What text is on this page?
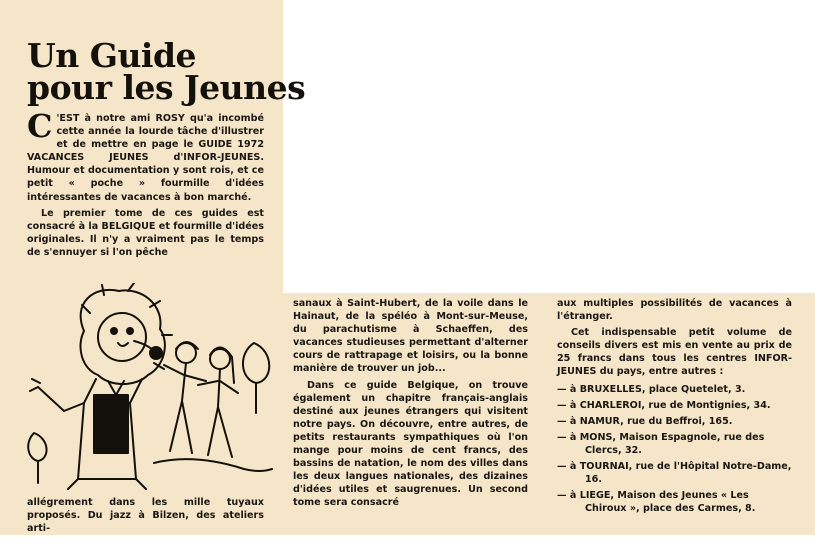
Un Guide
pour les Jeunes

C 'EST à notre ami ROSY qu'a incombé cette année la lourde tâche d'illustrer et de mettre en page le GUIDE 1972 VACANCES JEUNES d'INFOR-JEUNES. Humour et documentation y sont rois, et ce petit « poche » fourmille d'idées intéressantes de vacances à bon marché.

Le premier tome de ces guides est consacré à la BELGIQUE et fourmille d'idées originales. Il n'y a vraiment pas le temps de s'ennuyer si l'on pêche

allégrement dans les mille tuyaux proposés. Du jazz à Bilzen, des ateliers arti-

sanaux à Saint-Hubert, de la voile dans le Hainaut, de la spéléo à Mont-sur-Meuse, du parachutisme à Schaeffen, des vacances studieuses permettant d'alterner cours de rattrapage et loisirs, ou la bonne manière de trouver un job...

Dans ce guide Belgique, on trouve également un chapitre français-anglais destiné aux jeunes étrangers qui visitent notre pays. On découvre, entre autres, de petits restaurants sympathiques où l'on mange pour moins de cent francs, des bassins de natation, le nom des villes dans les deux langues nationales, des dizaines d'idées utiles et saugrenues. Un second tome sera consacré

aux multiples possibilités de vacances à l'étranger.

Cet indispensable petit volume de conseils divers est mis en vente au prix de 25 francs dans tous les centres INFOR-JEUNES du pays, entre autres :

— à BRUXELLES, place Quetelet, 3.
— à CHARLEROI, rue de Montignies, 34.
— à NAMUR, rue du Beffroi, 165.
— à MONS, Maison Espagnole, rue des Clercs, 32.
— à TOURNAI, rue de l'Hôpital Notre-Dame, 16.
— à LIEGE, Maison des Jeunes « Les Chiroux », place des Carmes, 8.
